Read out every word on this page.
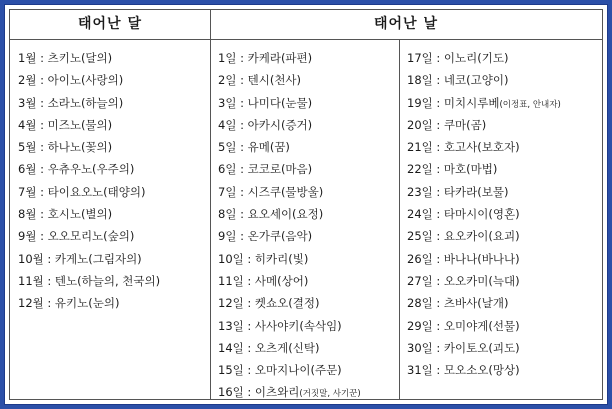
태어난 달	태어난 날
1월 : 츠키노(달의)
2월 : 아이노(사랑의)
3월 : 소라노(하늘의)
4월 : 미즈노(물의)
5월 : 하나노(꽃의)
6월 : 우츄우노(우주의)
7월 : 타이요오노(태양의)
8월 : 호시노(별의)
9월 : 오오모리노(숲의)
10월 : 카게노(그림자의)
11월 : 텐노(하늘의, 천국의)
12월 : 유키노(눈의)
1일 : 카케라(파편)
2일 : 텐시(천사)
3일 : 나미다(눈물)
4일 : 아카시(증거)
5일 : 유메(꿈)
6일 : 코코로(마음)
7일 : 시즈쿠(물방울)
8일 : 요오세이(요정)
9일 : 온가쿠(음악)
10일 : 히카리(빛)
11일 : 사메(상어)
12일 : 켓쇼오(결정)
13일 : 사사야키(속삭임)
14일 : 오츠게(신탁)
15일 : 오마지나이(주문)
16일 : 이츠와리(거짓말, 사기꾼)
17일 : 이노리(기도)
18일 : 네코(고양이)
19일 : 미치시루베(이정표, 안내자)
20일 : 쿠마(곰)
21일 : 호고사(보호자)
22일 : 마호(마법)
23일 : 타카라(보물)
24일 : 타마시이(영혼)
25일 : 요오카이(요괴)
26일 : 바나나(바나나)
27일 : 오오카미(늑대)
28일 : 츠바사(날개)
29일 : 오미야게(선물)
30일 : 카이토오(괴도)
31일 : 모오소오(망상)
